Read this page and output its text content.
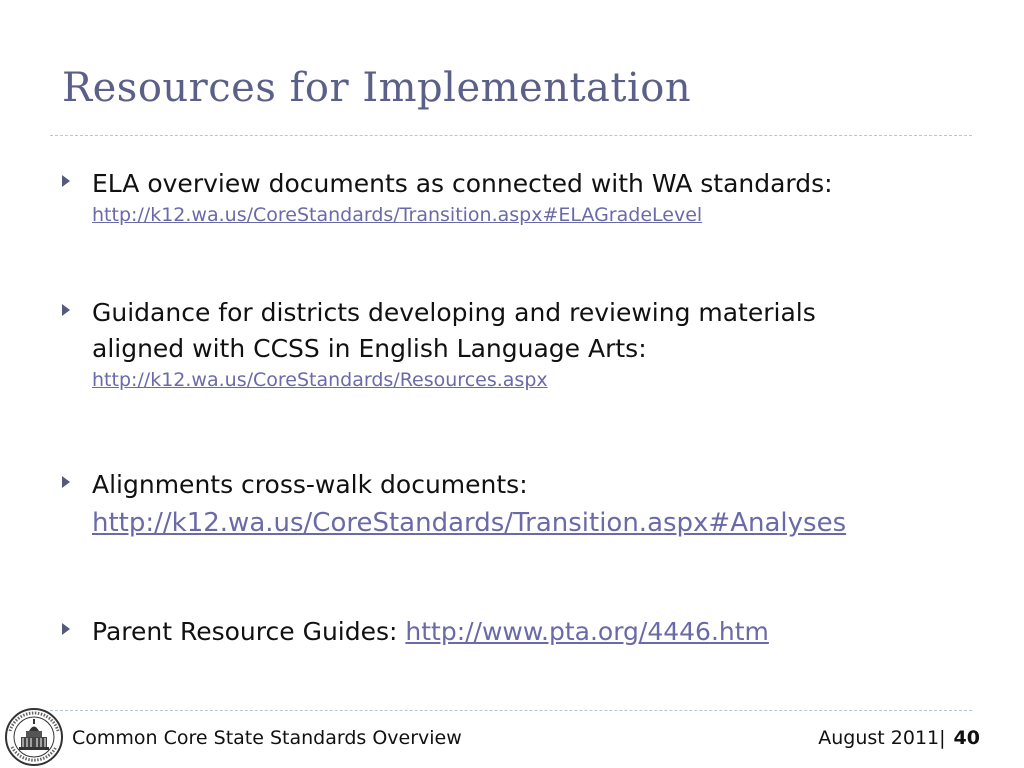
Resources for Implementation
ELA overview documents as connected with WA standards:
http://k12.wa.us/CoreStandards/Transition.aspx#ELAGradeLevel
Guidance for districts developing and reviewing materials
aligned with CCSS in English Language Arts:
http://k12.wa.us/CoreStandards/Resources.aspx
Alignments cross-walk documents:
http://k12.wa.us/CoreStandards/Transition.aspx#Analyses
Parent Resource Guides: http://www.pta.org/4446.htm
Common Core State Standards Overview	August 2011| 40
